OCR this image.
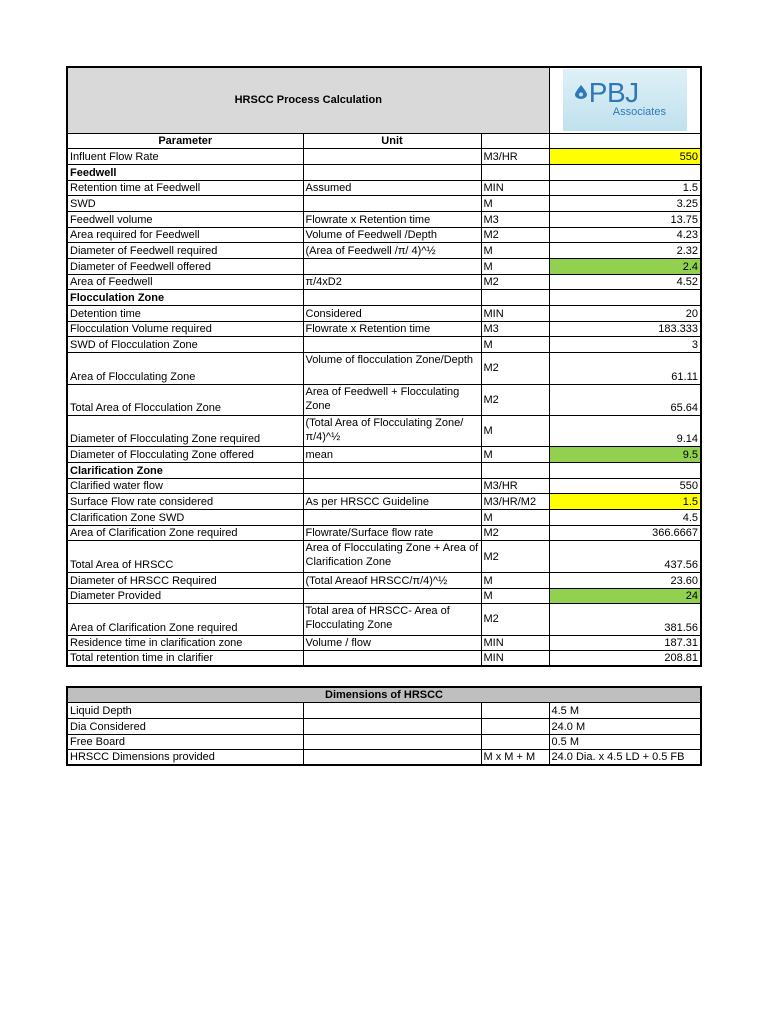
HRSCC Process Calculation			PBJ
Associates

Parameter	Unit		
Influent Flow Rate		M3/HR	550
Feedwell			
Retention time at Feedwell	Assumed	MIN	1.5
SWD		M	3.25
Feedwell volume	Flowrate x Retention time	M3	13.75
Area required for Feedwell	Volume of Feedwell /Depth	M2	4.23
Diameter of Feedwell required	(Area of Feedwell /π/ 4)^½	M	2.32
Diameter of Feedwell offered		M	2.4
Area of Feedwell	π/4xD2	M2	4.52
Flocculation Zone			
Detention time	Considered	MIN	20
Flocculation Volume required	Flowrate x Retention time	M3	183.333
SWD of Flocculation Zone		M	3
Area of Flocculating Zone	Volume of flocculation Zone/Depth	M2	61.11
Total Area of Flocculation Zone	Area of Feedwell + Flocculating Zone	M2	65.64
Diameter of Flocculating Zone required	(Total Area of Flocculating Zone/π/4)^½	M	9.14
Diameter of Flocculating Zone offered	mean	M	9.5
Clarification Zone			
Clarified water flow		M3/HR	550
Surface Flow rate considered	As per HRSCC Guideline	M3/HR/M2	1.5
Clarification Zone SWD		M	4.5
Area of Clarification Zone required	Flowrate/Surface flow rate	M2	366.6667
Total Area of HRSCC	Area of Flocculating Zone + Area of Clarification Zone	M2	437.56
Diameter of HRSCC Required	(Total Areaof HRSCC/π/4)^½	M	23.60
Diameter Provided		M	24
Area of Clarification Zone required	Total area of HRSCC- Area of Flocculating Zone	M2	381.56
Residence time in clarification zone	Volume / flow	MIN	187.31
Total retention time in clarifier		MIN	208.81
Dimensions of HRSCC			
Liquid Depth			4.5 M
Dia Considered			24.0 M
Free Board			0.5 M
HRSCC Dimensions provided		M x M + M	24.0 Dia. x 4.5 LD + 0.5 FB
